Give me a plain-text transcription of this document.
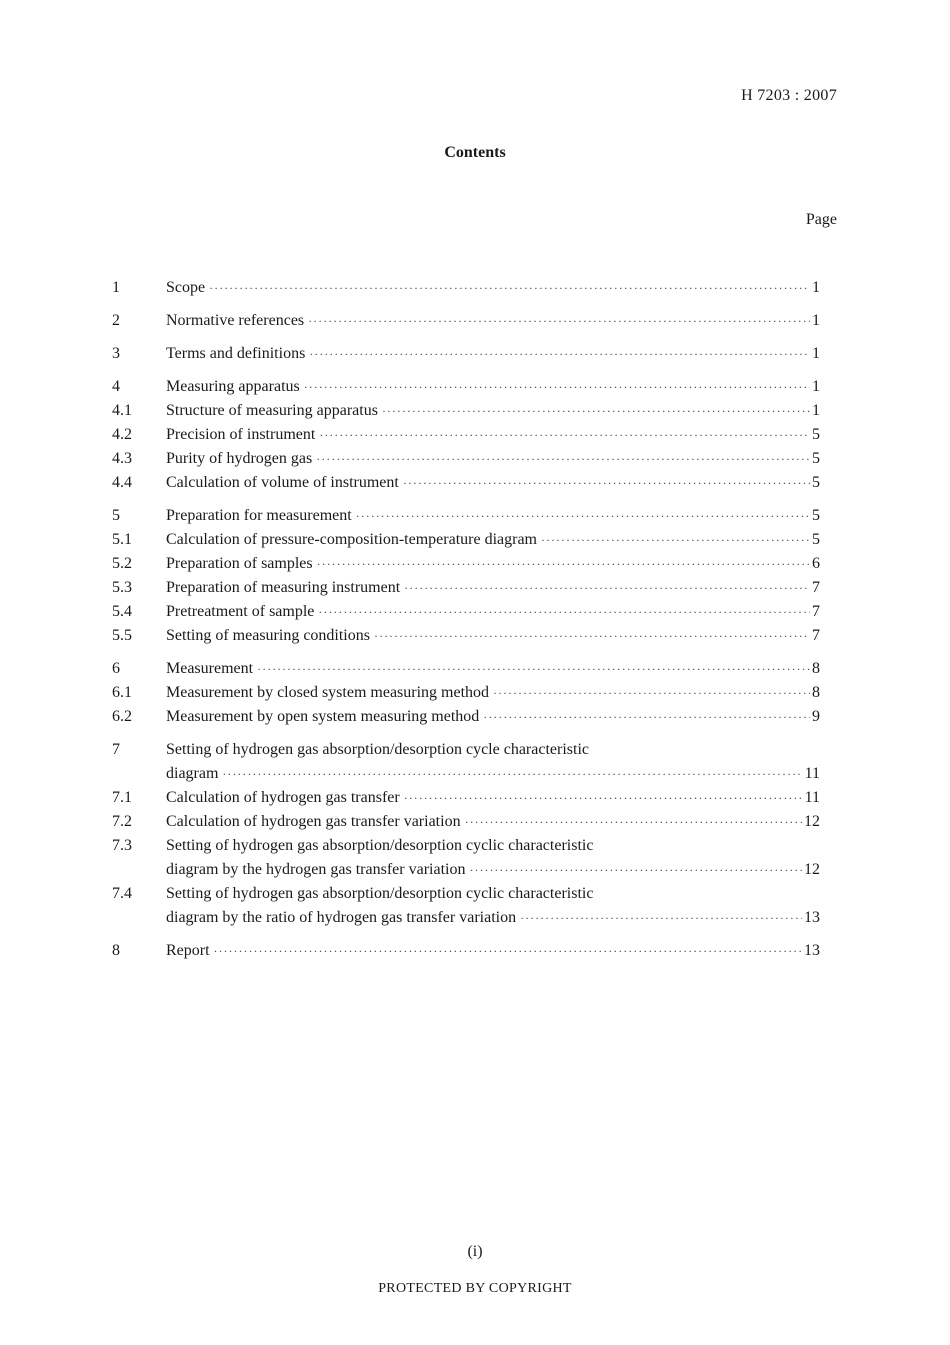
H 7203 : 2007
Contents
Page
1	Scope ·····	1
2	Normative references ·····	1
3	Terms and definitions ·····	1
4	Measuring apparatus ·····	1
4.1	Structure of measuring apparatus ·····	1
4.2	Precision of instrument ·····	5
4.3	Purity of hydrogen gas ·····	5
4.4	Calculation of volume of instrument ·····	5
5	Preparation for measurement ·····	5
5.1	Calculation of pressure-composition-temperature diagram ·····	5
5.2	Preparation of samples ·····	6
5.3	Preparation of measuring instrument ·····	7
5.4	Pretreatment of sample ·····	7
5.5	Setting of measuring conditions ·····	7
6	Measurement ·····	8
6.1	Measurement by closed system measuring method ·····	8
6.2	Measurement by open system measuring method ·····	9
7	Setting of hydrogen gas absorption/desorption cycle characteristic
diagram ·····	11
7.1	Calculation of hydrogen gas transfer ·····	11
7.2	Calculation of hydrogen gas transfer variation ·····	12
7.3	Setting of hydrogen gas absorption/desorption cyclic characteristic
diagram by the hydrogen gas transfer variation ·····	12
7.4	Setting of hydrogen gas absorption/desorption cyclic characteristic
diagram by the ratio of hydrogen gas transfer variation ·····	13
8	Report ·····	13
(i)
PROTECTED BY COPYRIGHT
